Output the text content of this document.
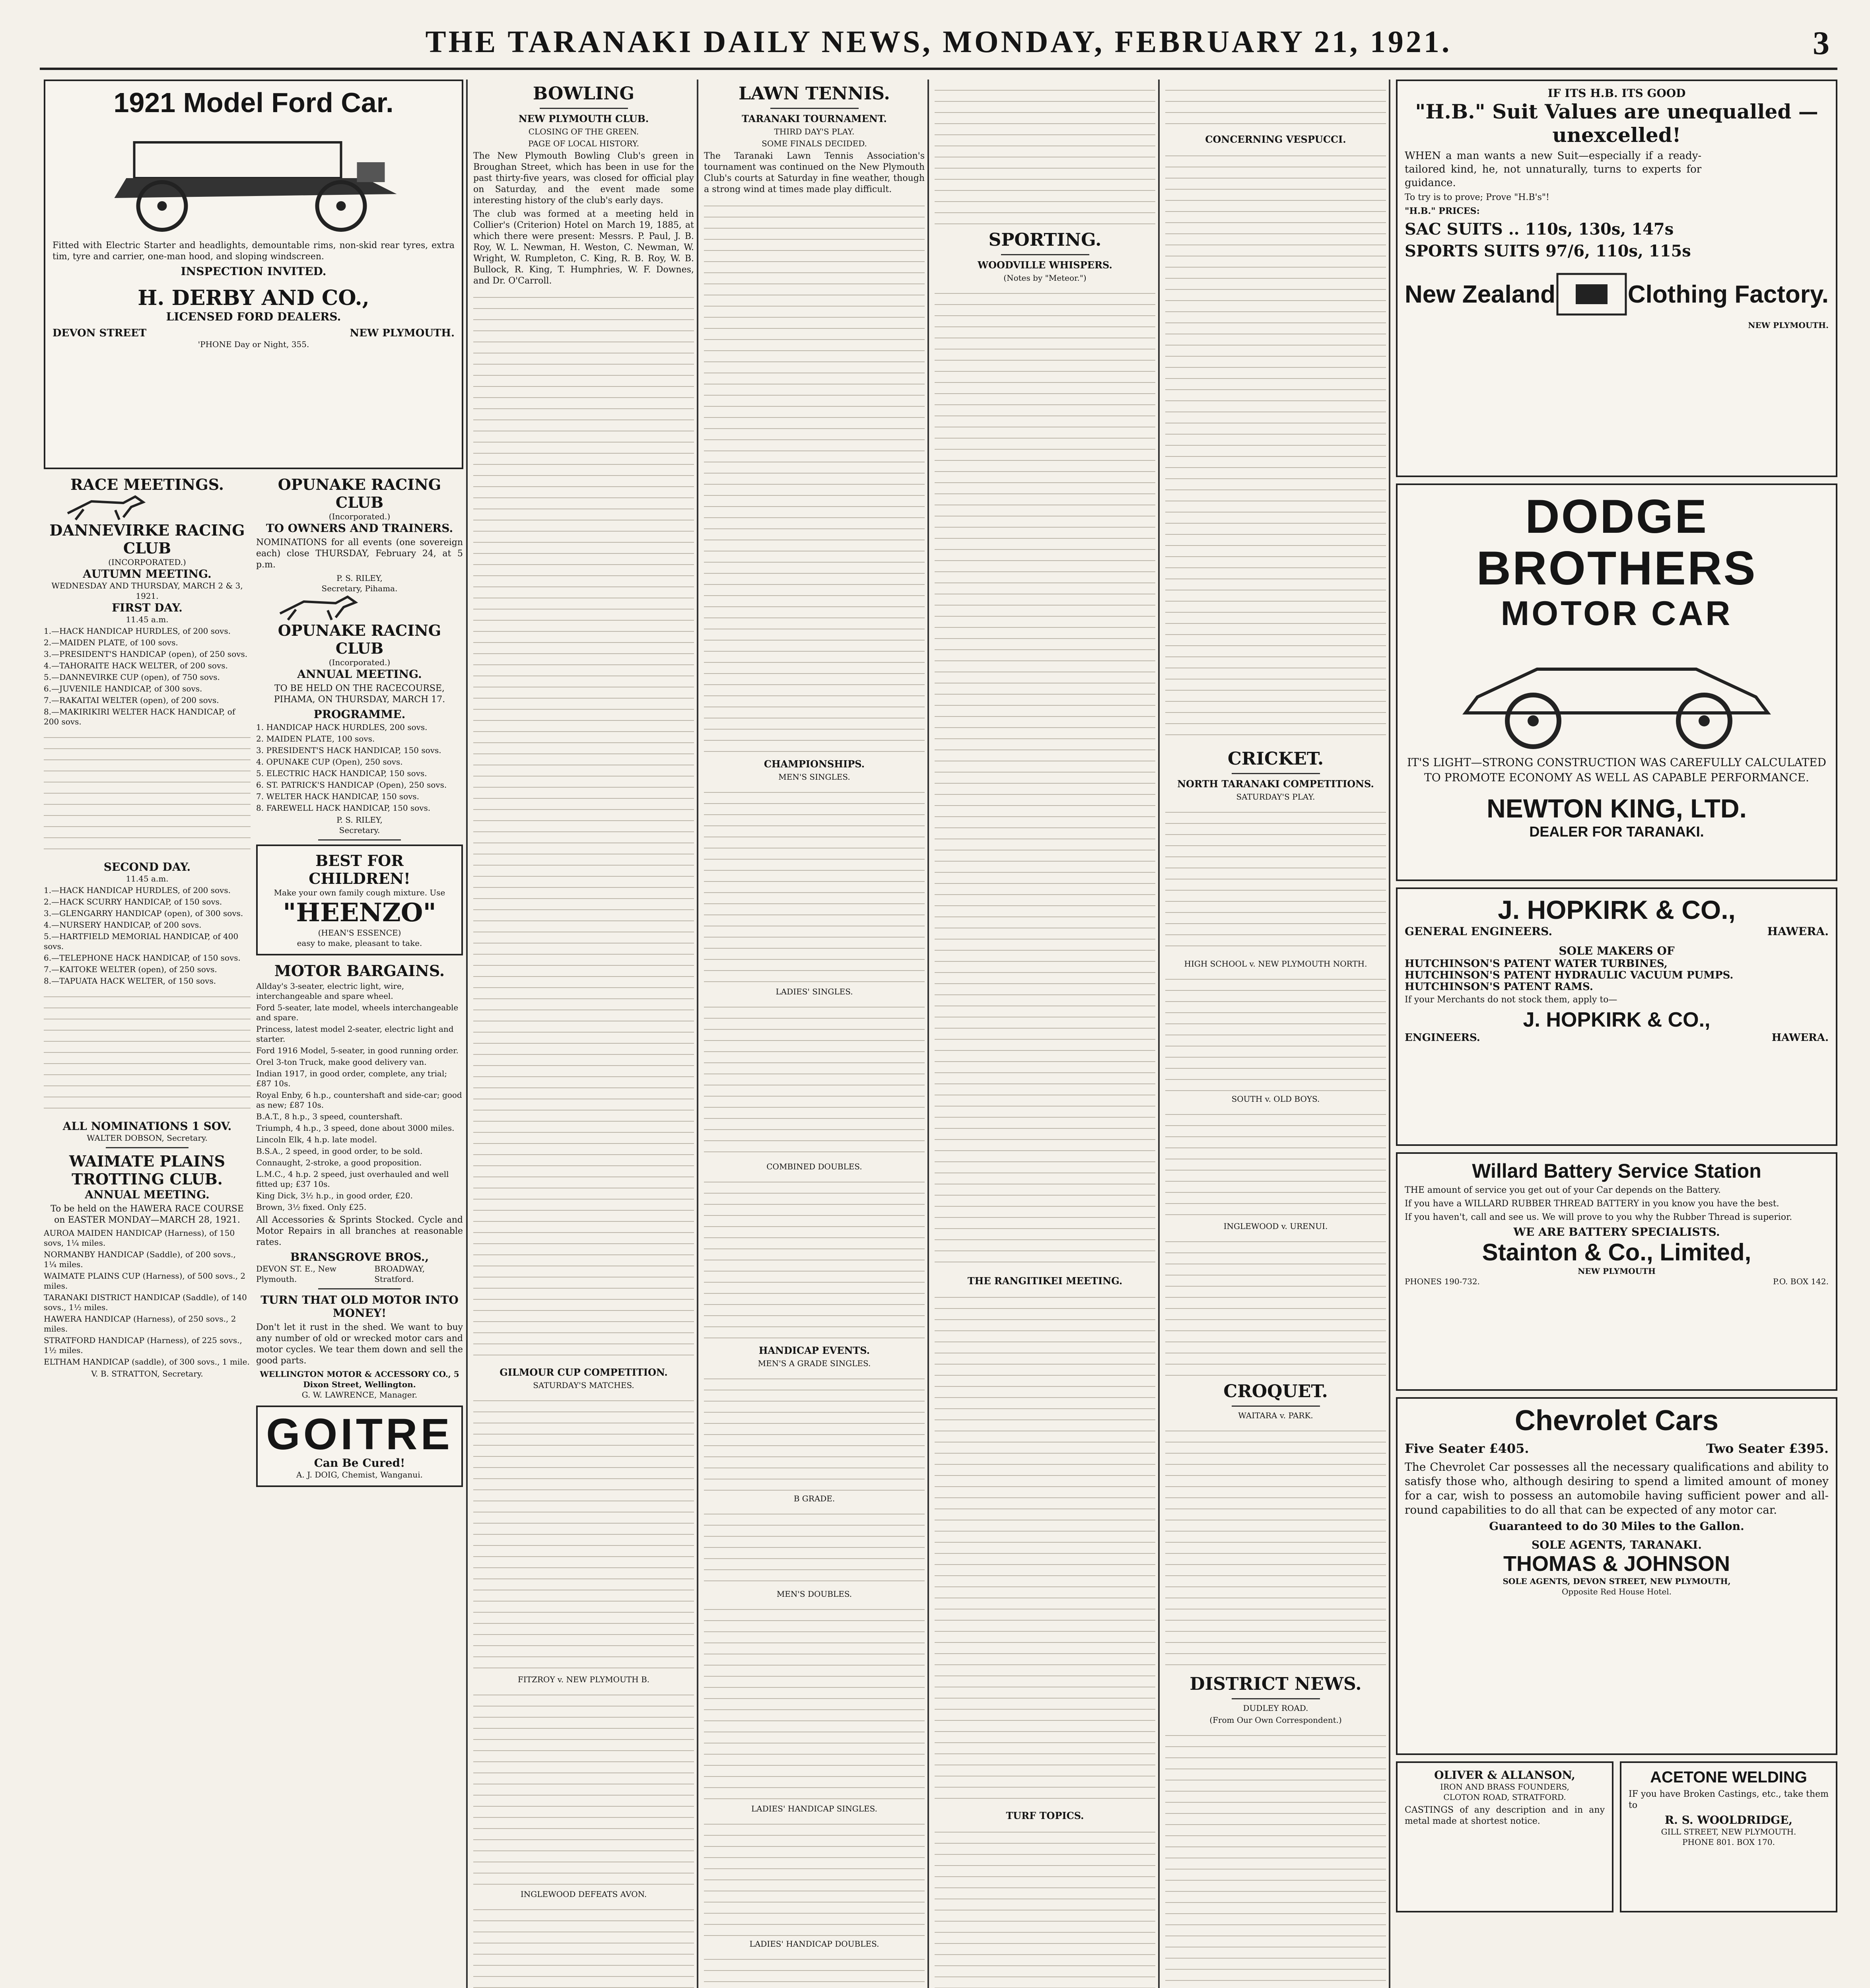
THE TARANAKI DAILY NEWS, MONDAY, FEBRUARY 21, 1921.	3
1921 Model Ford Car.

Fitted with Electric Starter and headlights, demountable rims, non-skid rear tyres, extra tim, tyre and carrier, one-man hood, and sloping windscreen.

INSPECTION INVITED.
H. DERBY AND CO.,
LICENSED FORD DEALERS.
DEVON STREET	NEW PLYMOUTH.
'PHONE Day or Night, 355.
RACE MEETINGS.
DANNEVIRKE RACING CLUB
(INCORPORATED.)
AUTUMN MEETING.
WEDNESDAY AND THURSDAY, MARCH 2 & 3, 1921.
FIRST DAY.
11.45 a.m.

1.—HACK HANDICAP HURDLES, of 200 sovs.

2.—MAIDEN PLATE, of 100 sovs.

3.—PRESIDENT'S HANDICAP (open), of 250 sovs.

4.—TAHORAITE HACK WELTER, of 200 sovs.

5.—DANNEVIRKE CUP (open), of 750 sovs.

6.—JUVENILE HANDICAP, of 300 sovs.

7.—RAKAITAI WELTER (open), of 200 sovs.

8.—MAKIRIKIRI WELTER HACK HANDICAP, of 200 sovs.

SECOND DAY.
11.45 a.m.

1.—HACK HANDICAP HURDLES, of 200 sovs.

2.—HACK SCURRY HANDICAP, of 150 sovs.

3.—GLENGARRY HANDICAP (open), of 300 sovs.

4.—NURSERY HANDICAP, of 200 sovs.

5.—HARTFIELD MEMORIAL HANDICAP, of 400 sovs.

6.—TELEPHONE HACK HANDICAP, of 150 sovs.

7.—KAITOKE WELTER (open), of 250 sovs.

8.—TAPUATA HACK WELTER, of 150 sovs.

ALL NOMINATIONS 1 SOV.
WALTER DOBSON, Secretary.
WAIMATE PLAINS TROTTING CLUB.
ANNUAL MEETING.

To be held on the HAWERA RACE COURSE on EASTER MONDAY—MARCH 28, 1921.

AUROA MAIDEN HANDICAP (Harness), of 150 sovs, 1¼ miles.

NORMANBY HANDICAP (Saddle), of 200 sovs., 1¼ miles.

WAIMATE PLAINS CUP (Harness), of 500 sovs., 2 miles.

TARANAKI DISTRICT HANDICAP (Saddle), of 140 sovs., 1½ miles.

HAWERA HANDICAP (Harness), of 250 sovs., 2 miles.

STRATFORD HANDICAP (Harness), of 225 sovs., 1½ miles.

ELTHAM HANDICAP (saddle), of 300 sovs., 1 mile.

V. B. STRATTON, Secretary.
OPUNAKE RACING CLUB
(Incorporated.)
TO OWNERS AND TRAINERS.

NOMINATIONS for all events (one sovereign each) close THURSDAY, February 24, at 5 p.m.

P. S. RILEY,
Secretary, Pihama.
OPUNAKE RACING CLUB
(Incorporated.)
ANNUAL MEETING.

TO BE HELD ON THE RACECOURSE, PIHAMA, ON THURSDAY, MARCH 17.

PROGRAMME.

1. HANDICAP HACK HURDLES, 200 sovs.

2. MAIDEN PLATE, 100 sovs.

3. PRESIDENT'S HACK HANDICAP, 150 sovs.

4. OPUNAKE CUP (Open), 250 sovs.

5. ELECTRIC HACK HANDICAP, 150 sovs.

6. ST. PATRICK'S HANDICAP (Open), 250 sovs.

7. WELTER HACK HANDICAP, 150 sovs.

8. FAREWELL HACK HANDICAP, 150 sovs.

P. S. RILEY,
Secretary.
BEST FOR CHILDREN!
Make your own family cough mixture. Use
"HEENZO"
(HEAN'S ESSENCE)
easy to make, pleasant to take.
MOTOR BARGAINS.

Allday's 3-seater, electric light, wire, interchangeable and spare wheel.

Ford 5-seater, late model, wheels interchangeable and spare.

Princess, latest model 2-seater, electric light and starter.

Ford 1916 Model, 5-seater, in good running order.

Orel 3-ton Truck, make good delivery van.

Indian 1917, in good order, complete, any trial; £87 10s.

Royal Enby, 6 h.p., countershaft and side-car; good as new; £87 10s.

B.A.T., 8 h.p., 3 speed, countershaft.

Triumph, 4 h.p., 3 speed, done about 3000 miles.

Lincoln Elk, 4 h.p. late model.

B.S.A., 2 speed, in good order, to be sold.

Connaught, 2-stroke, a good proposition.

L.M.C., 4 h.p. 2 speed, just overhauled and well fitted up; £37 10s.

King Dick, 3½ h.p., in good order, £20.

Brown, 3½ fixed. Only £25.

All Accessories & Sprints Stocked. Cycle and Motor Repairs in all branches at reasonable rates.

BRANSGROVE BROS.,
DEVON ST. E., New Plymouth.
BROADWAY, Stratford.
TURN THAT OLD MOTOR INTO MONEY!

Don't let it rust in the shed. We want to buy any number of old or wrecked motor cars and motor cycles. We tear them down and sell the good parts.

WELLINGTON MOTOR & ACCESSORY CO., 5 Dixon Street, Wellington.
G. W. LAWRENCE, Manager.
GOITRE
Can Be Cured!
A. J. DOIG, Chemist, Wanganui.
BOWLING
NEW PLYMOUTH CLUB.
CLOSING OF THE GREEN.
PAGE OF LOCAL HISTORY.

The New Plymouth Bowling Club's green in Broughan Street, which has been in use for the past thirty-five years, was closed for official play on Saturday, and the event made some interesting history of the club's early days.

The club was formed at a meeting held in Collier's (Criterion) Hotel on March 19, 1885, at which there were present: Messrs. P. Paul, J. B. Roy, W. L. Newman, H. Weston, C. Newman, W. Wright, W. Rumpleton, C. King, R. B. Roy, W. B. Bullock, R. King, T. Humphries, W. F. Downes, and Dr. O'Carroll.

GILMOUR CUP COMPETITION.
SATURDAY'S MATCHES.
FITZROY v. NEW PLYMOUTH B.
INGLEWOOD DEFEATS AVON.
LAWN TENNIS.
TARANAKI TOURNAMENT.
THIRD DAY'S PLAY.
SOME FINALS DECIDED.

The Taranaki Lawn Tennis Association's tournament was continued on the New Plymouth Club's courts at Saturday in fine weather, though a strong wind at times made play difficult.

CHAMPIONSHIPS.
MEN'S SINGLES.
LADIES' SINGLES.
COMBINED DOUBLES.
HANDICAP EVENTS.
MEN'S A GRADE SINGLES.
B GRADE.
MEN'S DOUBLES.
LADIES' HANDICAP SINGLES.
LADIES' HANDICAP DOUBLES.
SPORTING.
WOODVILLE WHISPERS.
(Notes by "Meteor.")
THE RANGITIKEI MEETING.
TURF TOPICS.
CONCERNING VESPUCCI.
CRICKET.
NORTH TARANAKI COMPETITIONS.
SATURDAY'S PLAY.
HIGH SCHOOL v. NEW PLYMOUTH NORTH.
SOUTH v. OLD BOYS.
INGLEWOOD v. URENUI.
CROQUET.
WAITARA v. PARK.
DISTRICT NEWS.
DUDLEY ROAD.
(From Our Own Correspondent.)
IF ITS H.B. ITS GOOD
"H.B." Suit Values are unequalled — unexcelled!

WHEN a man wants a new Suit—especially if a ready-tailored kind, he, not unnaturally, turns to experts for guidance.

To try is to prove; Prove "H.B's"!
"H.B." PRICES:
SAC SUITS .. 110s, 130s, 147s
SPORTS SUITS 97/6, 110s, 115s
New Zealand	Clothing Factory.
NEW PLYMOUTH.
DODGE BROTHERS
MOTOR CAR

IT'S LIGHT—STRONG CONSTRUCTION WAS CAREFULLY CALCULATED TO PROMOTE ECONOMY AS WELL AS CAPABLE PERFORMANCE.

NEWTON KING, LTD.
DEALER FOR TARANAKI.
J. HOPKIRK & CO.,
GENERAL ENGINEERS.	HAWERA.
SOLE MAKERS OF

HUTCHINSON'S PATENT WATER TURBINES,

HUTCHINSON'S PATENT HYDRAULIC VACUUM PUMPS.

HUTCHINSON'S PATENT RAMS.

If your Merchants do not stock them, apply to—

J. HOPKIRK & CO.,
ENGINEERS.	HAWERA.
Willard Battery Service Station

THE amount of service you get out of your Car depends on the Battery.

If you have a WILLARD RUBBER THREAD BATTERY in you know you have the best.

If you haven't, call and see us. We will prove to you why the Rubber Thread is superior.

WE ARE BATTERY SPECIALISTS.
Stainton & Co., Limited,
NEW PLYMOUTH
PHONES 190-732.	P.O. BOX 142.
Chevrolet Cars
Five Seater £405.	Two Seater £395.

The Chevrolet Car possesses all the necessary qualifications and ability to satisfy those who, although desiring to spend a limited amount of money for a car, wish to possess an automobile having sufficient power and all-round capabilities to do all that can be expected of any motor car.

Guaranteed to do 30 Miles to the Gallon.
SOLE AGENTS, TARANAKI.
THOMAS & JOHNSON
SOLE AGENTS, DEVON STREET, NEW PLYMOUTH,
Opposite Red House Hotel.
OLIVER & ALLANSON,
IRON AND BRASS FOUNDERS,
CLOTON ROAD, STRATFORD.

CASTINGS of any description and in any metal made at shortest notice.

ACETONE WELDING

IF you have Broken Castings, etc., take them to

R. S. WOOLDRIDGE,
GILL STREET, NEW PLYMOUTH.
PHONE 801. BOX 170.
